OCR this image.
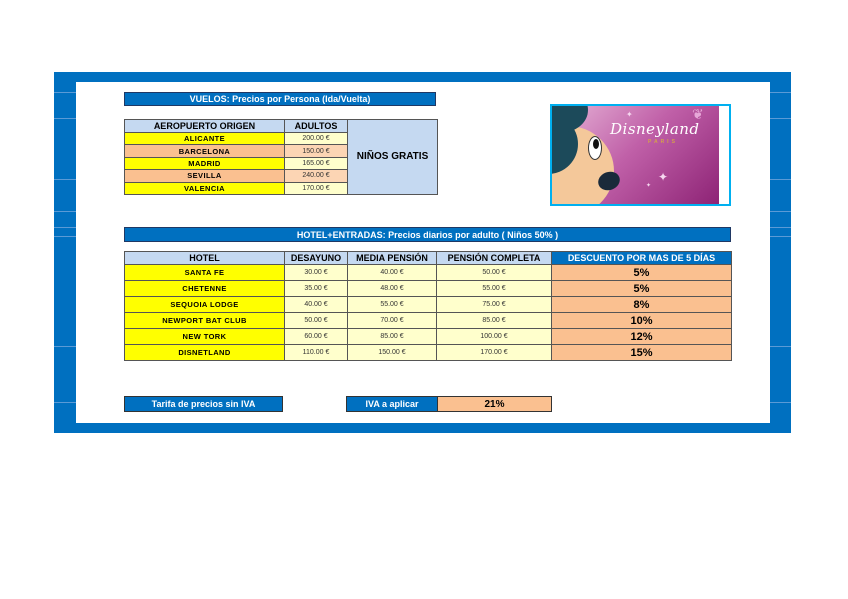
VUELOS: Precios por Persona (Ida/Vuelta)
AEROPUERTO ORIGEN	ADULTOS	NIÑOS GRATIS
ALICANTE	200.00 €	
BARCELONA	150.00 €	
MADRID	165.00 €	
SEVILLA	240.00 €	
VALENCIA	170.00 €	
Disneyland
PARIS
✦	❦
✦
✦
HOTEL+ENTRADAS: Precios diarios por adulto ( Niños 50% )
HOTEL	DESAYUNO	MEDIA PENSIÓN	PENSIÓN COMPLETA	DESCUENTO POR MAS DE 5 DÍAS
SANTA FE	30.00 €	40.00 €	50.00 €	5%
CHETENNE	35.00 €	48.00 €	55.00 €	5%
SEQUOIA LODGE	40.00 €	55.00 €	75.00 €	8%
NEWPORT BAT CLUB	50.00 €	70.00 €	85.00 €	10%
NEW TORK	60.00 €	85.00 €	100.00 €	12%
DISNETLAND	110.00 €	150.00 €	170.00 €	15%
Tarifa de precios sin IVA	IVA a aplicar	21%
